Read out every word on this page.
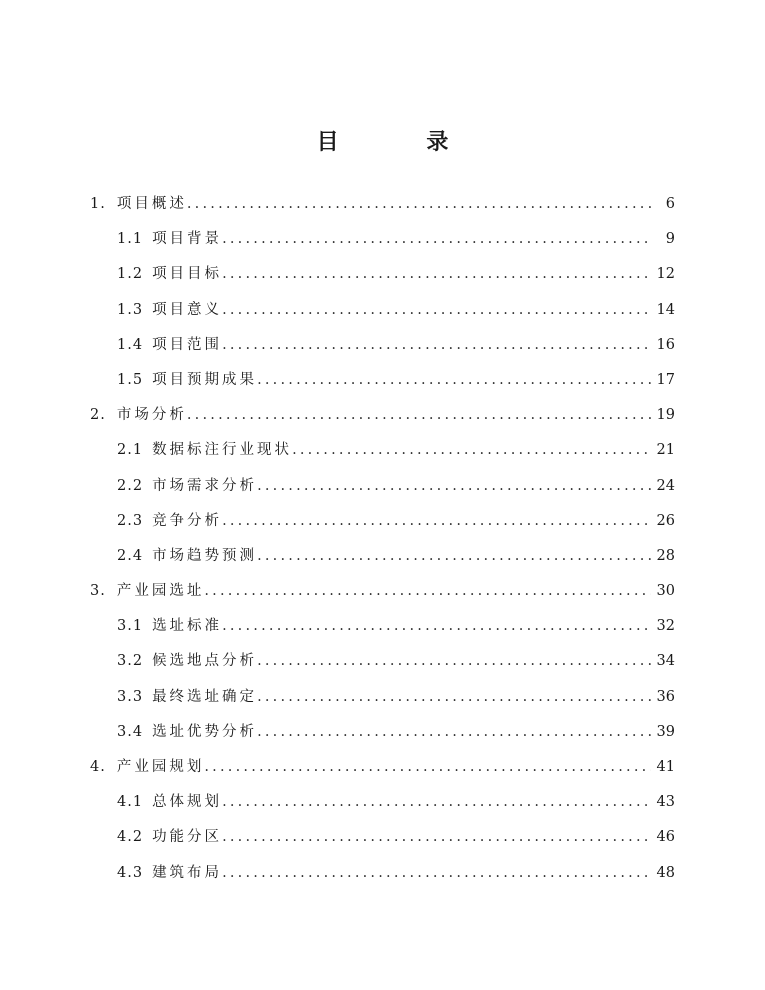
目 录
1. 项目概述 .....	6
1.1 项目背景 .....	9
1.2 项目目标 .....	12
1.3 项目意义 .....	14
1.4 项目范围 .....	16
1.5 项目预期成果 .....	17
2. 市场分析 .....	19
2.1 数据标注行业现状 .....	21
2.2 市场需求分析 .....	24
2.3 竞争分析 .....	26
2.4 市场趋势预测 .....	28
3. 产业园选址 .....	30
3.1 选址标准 .....	32
3.2 候选地点分析 .....	34
3.3 最终选址确定 .....	36
3.4 选址优势分析 .....	39
4. 产业园规划 .....	41
4.1 总体规划 .....	43
4.2 功能分区 .....	46
4.3 建筑布局 .....	48
